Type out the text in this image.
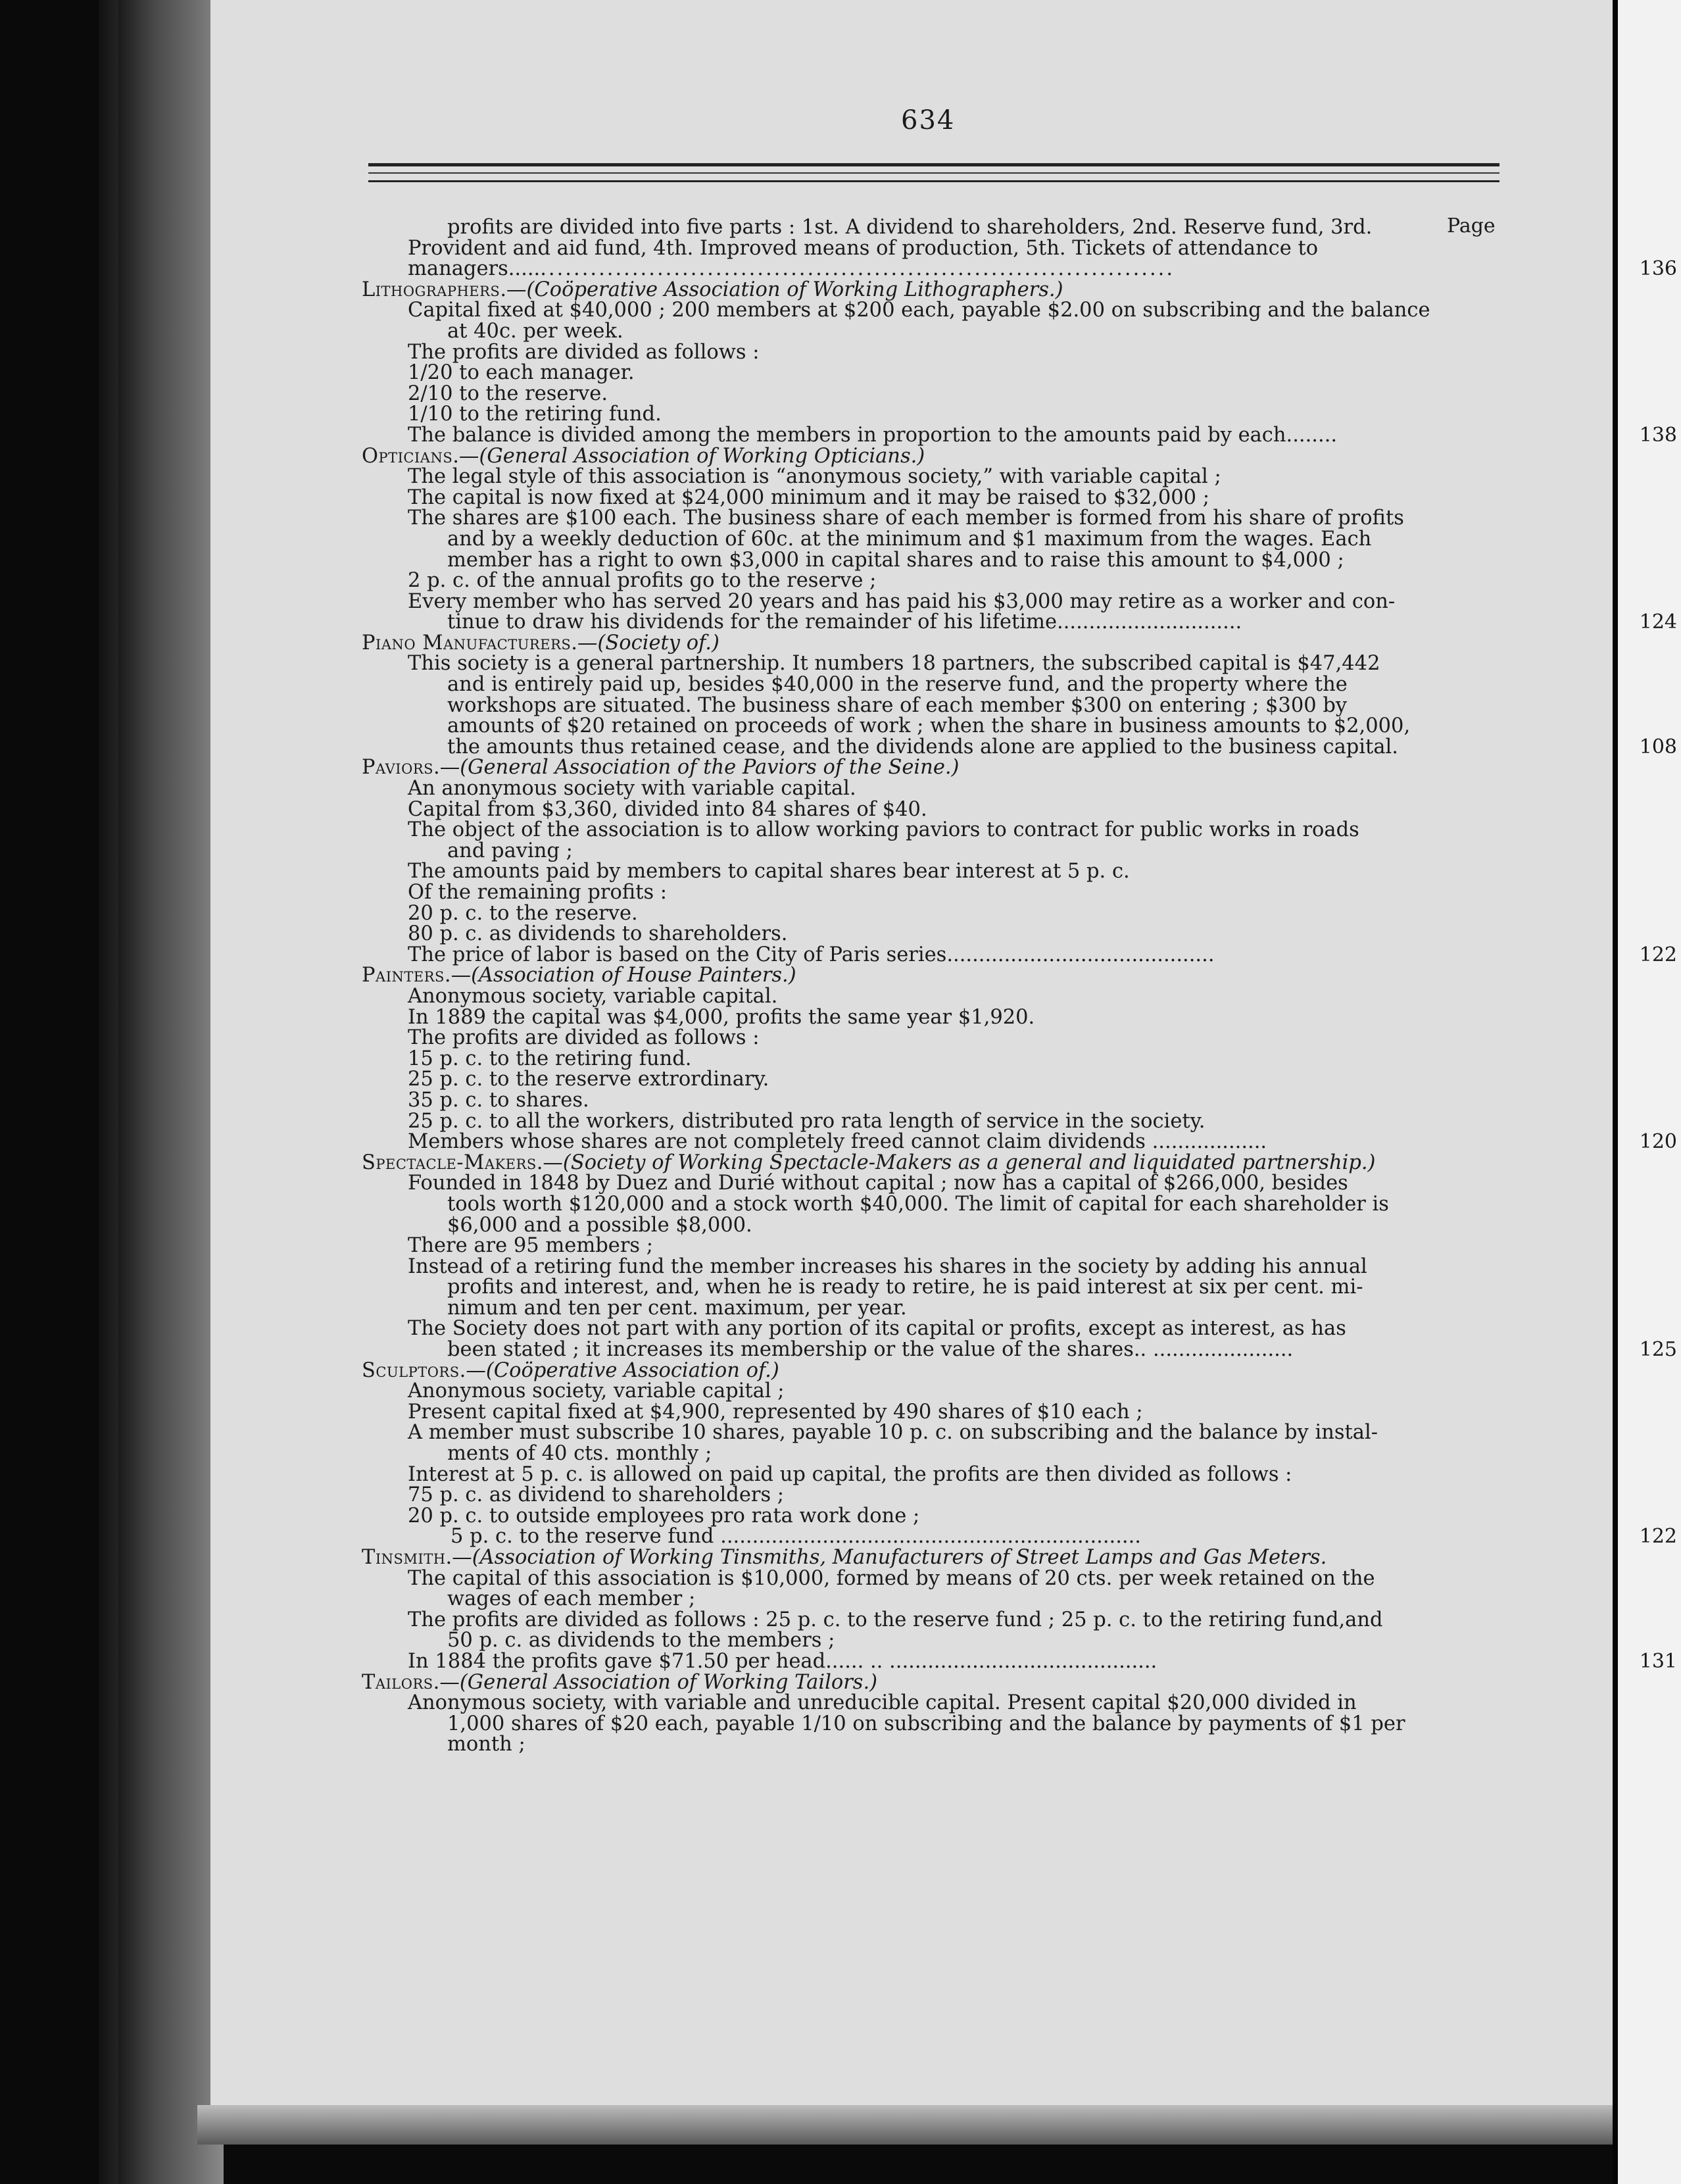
634
Page
profits are divided into five parts : 1st. A dividend to shareholders, 2nd. Reserve fund, 3rd.
Provident and aid fund, 4th. Improved means of production, 5th. Tickets of attendance to
managers.................................................................................	136
Lithographers.—(Coöperative Association of Working Lithographers.)
Capital fixed at $40,000 ; 200 members at $200 each, payable $2.00 on subscribing and the balance
at 40c. per week.
The profits are divided as follows :
1/20 to each manager.
2/10 to the reserve.
1/10 to the retiring fund.
The balance is divided among the members in proportion to the amounts paid by each........	138
Opticians.—(General Association of Working Opticians.)
The legal style of this association is “anonymous society,” with variable capital ;
The capital is now fixed at $24,000 minimum and it may be raised to $32,000 ;
The shares are $100 each. The business share of each member is formed from his share of profits
and by a weekly deduction of 60c. at the minimum and $1 maximum from the wages. Each
member has a right to own $3,000 in capital shares and to raise this amount to $4,000 ;
2 p. c. of the annual profits go to the reserve ;
Every member who has served 20 years and has paid his $3,000 may retire as a worker and con-
tinue to draw his dividends for the remainder of his lifetime.............................	124
Piano Manufacturers.—(Society of.)
This society is a general partnership. It numbers 18 partners, the subscribed capital is $47,442
and is entirely paid up, besides $40,000 in the reserve fund, and the property where the
workshops are situated. The business share of each member $300 on entering ; $300 by
amounts of $20 retained on proceeds of work ; when the share in business amounts to $2,000,
the amounts thus retained cease, and the dividends alone are applied to the business capital.	108
Paviors.—(General Association of the Paviors of the Seine.)
An anonymous society with variable capital.
Capital from $3,360, divided into 84 shares of $40.
The object of the association is to allow working paviors to contract for public works in roads
and paving ;
The amounts paid by members to capital shares bear interest at 5 p. c.
Of the remaining profits :
20 p. c. to the reserve.
80 p. c. as dividends to shareholders.
The price of labor is based on the City of Paris series..........................................	122
Painters.—(Association of House Painters.)
Anonymous society, variable capital.
In 1889 the capital was $4,000, profits the same year $1,920.
The profits are divided as follows :
15 p. c. to the retiring fund.
25 p. c. to the reserve extrordinary.
35 p. c. to shares.
25 p. c. to all the workers, distributed pro rata length of service in the society.
Members whose shares are not completely freed cannot claim dividends ..................	120
Spectacle-Makers.—(Society of Working Spectacle-Makers as a general and liquidated partnership.)
Founded in 1848 by Duez and Durié without capital ; now has a capital of $266,000, besides
tools worth $120,000 and a stock worth $40,000. The limit of capital for each shareholder is
$6,000 and a possible $8,000.
There are 95 members ;
Instead of a retiring fund the member increases his shares in the society by adding his annual
profits and interest, and, when he is ready to retire, he is paid interest at six per cent. mi-
nimum and ten per cent. maximum, per year.
The Society does not part with any portion of its capital or profits, except as interest, as has
been stated ; it increases its membership or the value of the shares.. ......................	125
Sculptors.—(Coöperative Association of.)
Anonymous society, variable capital ;
Present capital fixed at $4,900, represented by 490 shares of $10 each ;
A member must subscribe 10 shares, payable 10 p. c. on subscribing and the balance by instal-
ments of 40 cts. monthly ;
Interest at 5 p. c. is allowed on paid up capital, the profits are then divided as follows :
75 p. c. as dividend to shareholders ;
20 p. c. to outside employees pro rata work done ;
5 p. c. to the reserve fund ..................................................................	122
Tinsmith.—(Association of Working Tinsmiths, Manufacturers of Street Lamps and Gas Meters.
The capital of this association is $10,000, formed by means of 20 cts. per week retained on the
wages of each member ;
The profits are divided as follows : 25 p. c. to the reserve fund ; 25 p. c. to the retiring fund,and
50 p. c. as dividends to the members ;
In 1884 the profits gave $71.50 per head...... .. ..........................................	131
Tailors.—(General Association of Working Tailors.)
Anonymous society, with variable and unreducible capital. Present capital $20,000 divided in
1,000 shares of $20 each, payable 1/10 on subscribing and the balance by payments of $1 per
month ;
